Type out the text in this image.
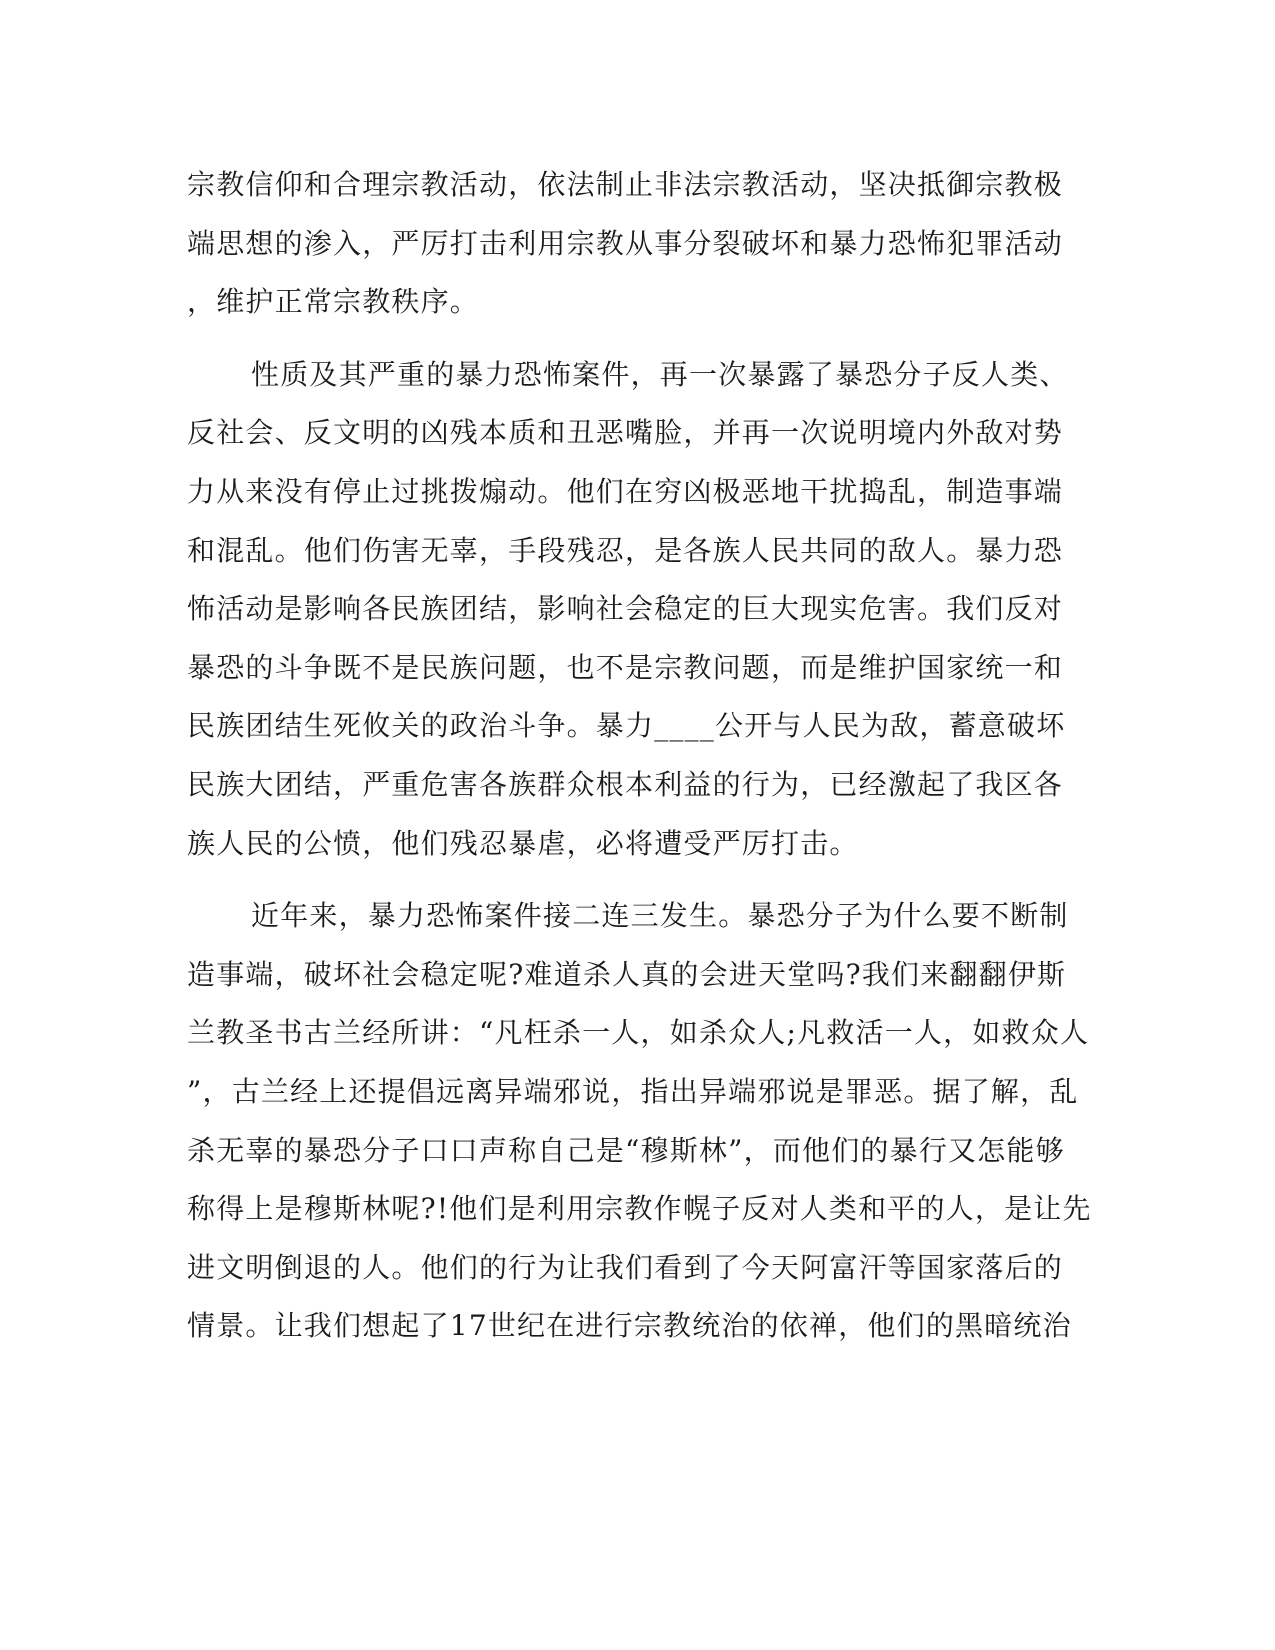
宗教信仰和合理宗教活动，依法制止非法宗教活动，坚决抵御宗教极
端思想的渗入，严厉打击利用宗教从事分裂破坏和暴力恐怖犯罪活动
，维护正常宗教秩序。
性质及其严重的暴力恐怖案件，再一次暴露了暴恐分子反人类、
反社会、反文明的凶残本质和丑恶嘴脸，并再一次说明境内外敌对势
力从来没有停止过挑拨煽动。他们在穷凶极恶地干扰捣乱，制造事端
和混乱。他们伤害无辜，手段残忍，是各族人民共同的敌人。暴力恐
怖活动是影响各民族团结，影响社会稳定的巨大现实危害。我们反对
暴恐的斗争既不是民族问题，也不是宗教问题，而是维护国家统一和
民族团结生死攸关的政治斗争。暴力____公开与人民为敌，蓄意破坏
民族大团结，严重危害各族群众根本利益的行为，已经激起了我区各
族人民的公愤，他们残忍暴虐，必将遭受严厉打击。
近年来，暴力恐怖案件接二连三发生。暴恐分子为什么要不断制
造事端，破坏社会稳定呢?难道杀人真的会进天堂吗?我们来翻翻伊斯
兰教圣书古兰经所讲：“凡枉杀一人，如杀众人;凡救活一人，如救众人
”，古兰经上还提倡远离异端邪说，指出异端邪说是罪恶。据了解，乱
杀无辜的暴恐分子口口声称自己是“穆斯林”，而他们的暴行又怎能够
称得上是穆斯林呢?!他们是利用宗教作幌子反对人类和平的人，是让先
进文明倒退的人。他们的行为让我们看到了今天阿富汗等国家落后的
情景。让我们想起了17世纪在进行宗教统治的依禅，他们的黑暗统治
